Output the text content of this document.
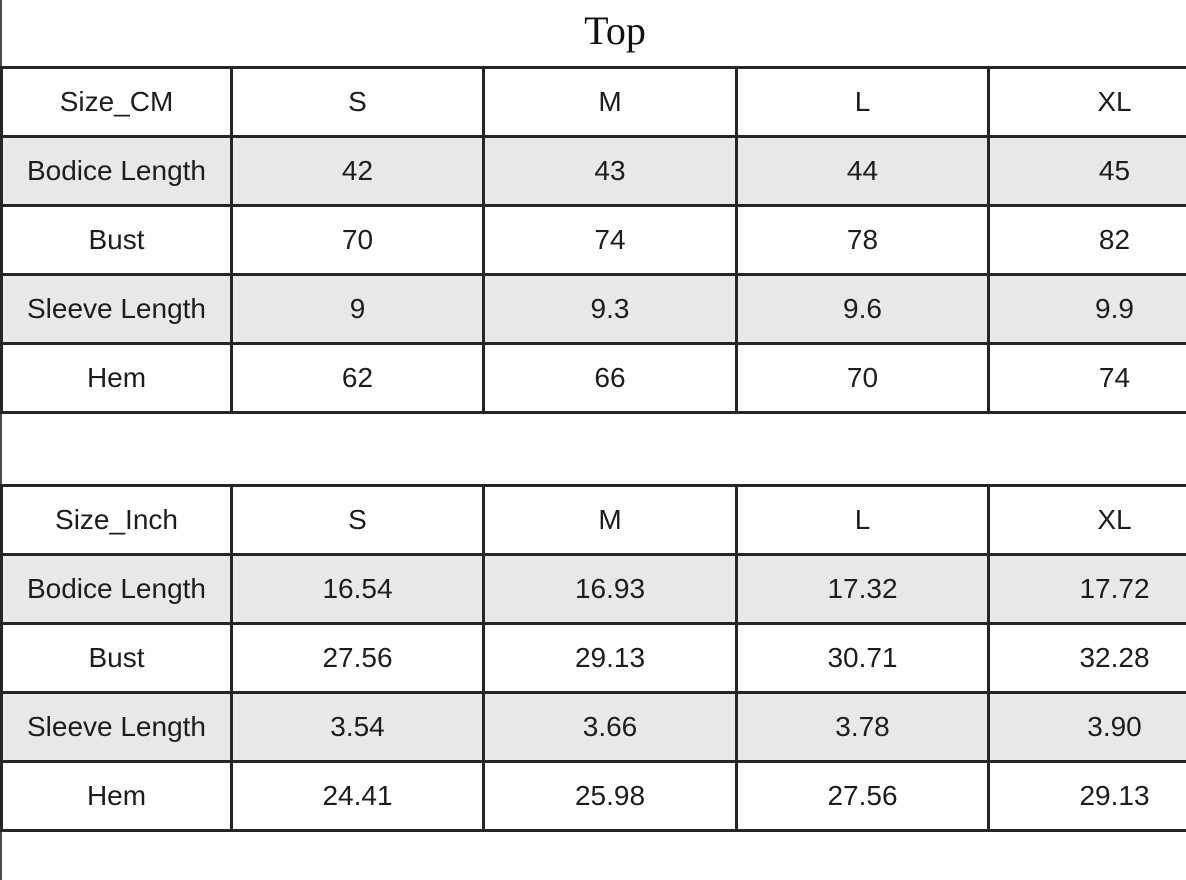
Top
Size_CM	S	M	L	XL
Bodice Length	42	43	44	45
Bust	70	74	78	82
Sleeve Length	9	9.3	9.6	9.9
Hem	62	66	70	74
Size_Inch	S	M	L	XL
Bodice Length	16.54	16.93	17.32	17.72
Bust	27.56	29.13	30.71	32.28
Sleeve Length	3.54	3.66	3.78	3.90
Hem	24.41	25.98	27.56	29.13
